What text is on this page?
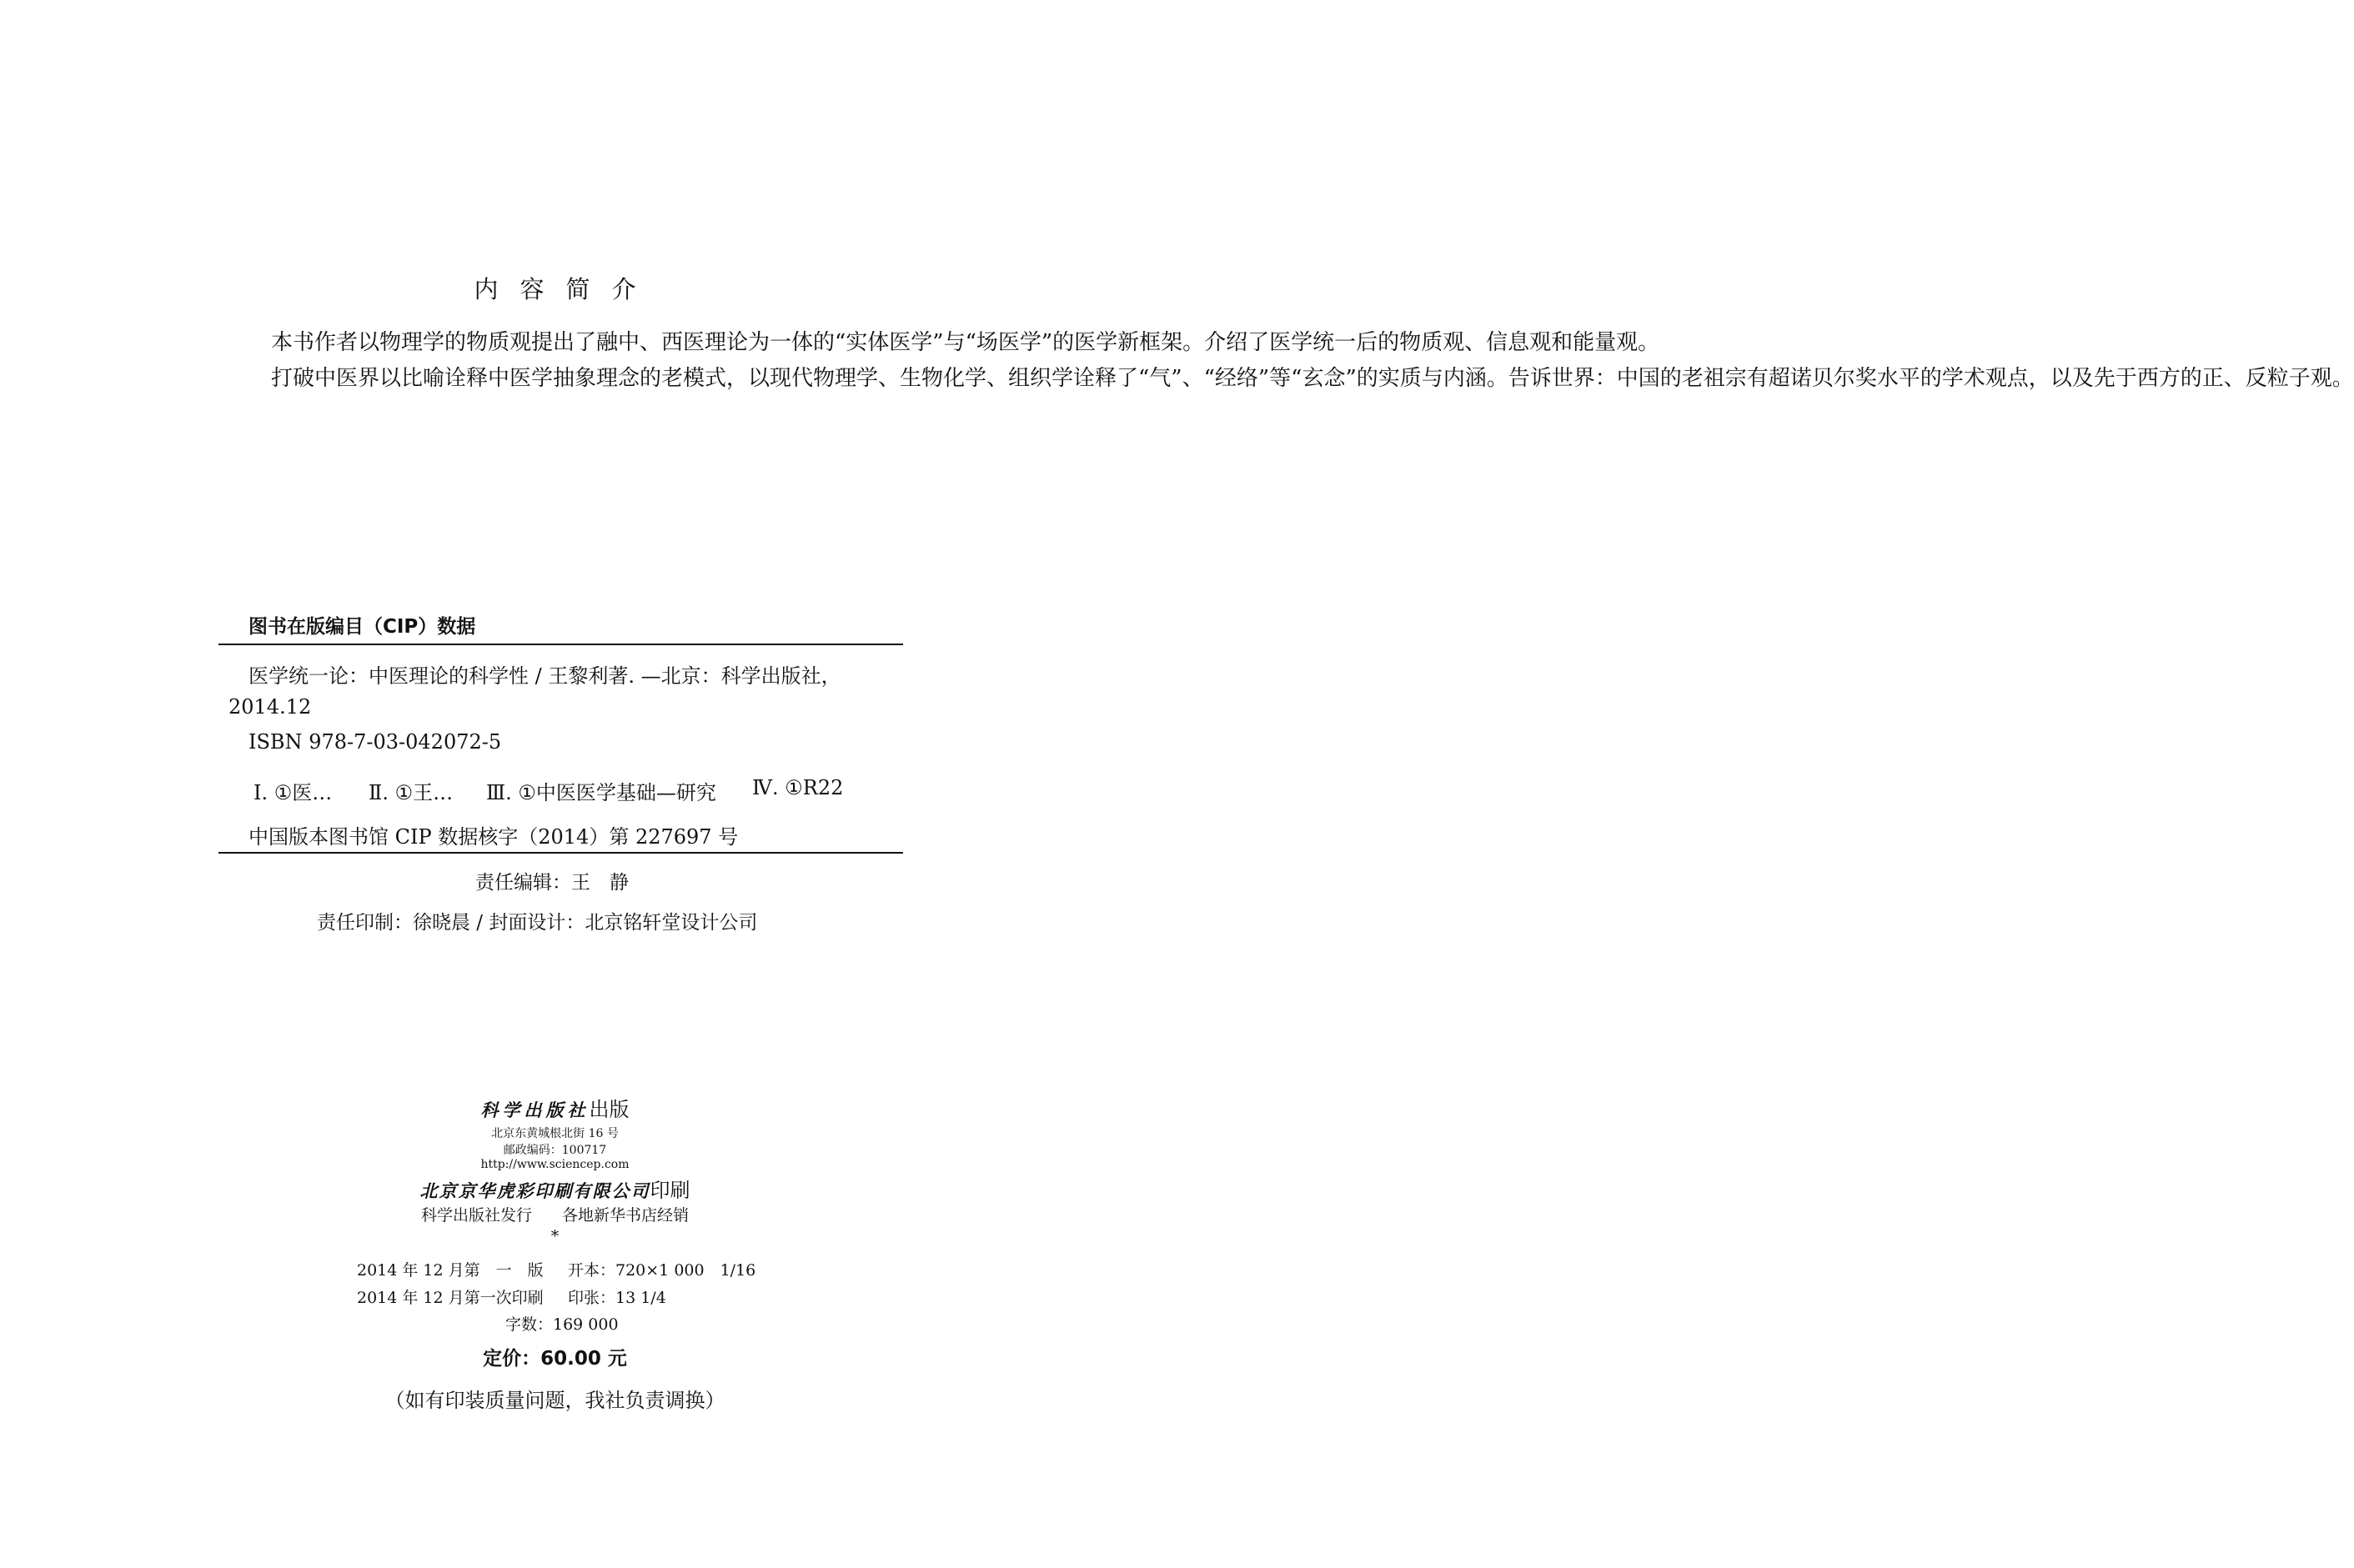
内容简介

本书作者以物理学的物质观提出了融中、西医理论为一体的“实体医学”与“场医学”的医学新框架。介绍了医学统一后的物质观、信息观和能量观。

打破中医界以比喻诠释中医学抽象理念的老模式，以现代物理学、生物化学、组织学诠释了“气”、“经络”等“玄念”的实质与内涵。告诉世界：中国的老祖宗有超诺贝尔奖水平的学术观点，以及先于西方的正、反粒子观。

图书在版编目（CIP）数据
医学统一论：中医理论的科学性 / 王黎利著. —北京：科学出版社，
2014.12
ISBN 978-7-03-042072-5
Ⅰ. ①医… Ⅱ. ①王… Ⅲ. ①中医医学基础—研究 Ⅳ. ①R22
中国版本图书馆 CIP 数据核字（2014）第 227697 号
责任编辑：王　静
责任印制：徐晓晨 / 封面设计：北京铭轩堂设计公司
科学出版社出版
北京东黄城根北街 16 号
邮政编码：100717
http://www.sciencep.com
北京京华虎彩印刷有限公司印刷
科学出版社发行 各地新华书店经销
*
2014 年 12 月第　一　版 开本：720×1 000　1/16
2014 年 12 月第一次印刷 印张：13 1/4
字数：169 000
定价：60.00 元
（如有印装质量问题，我社负责调换）
